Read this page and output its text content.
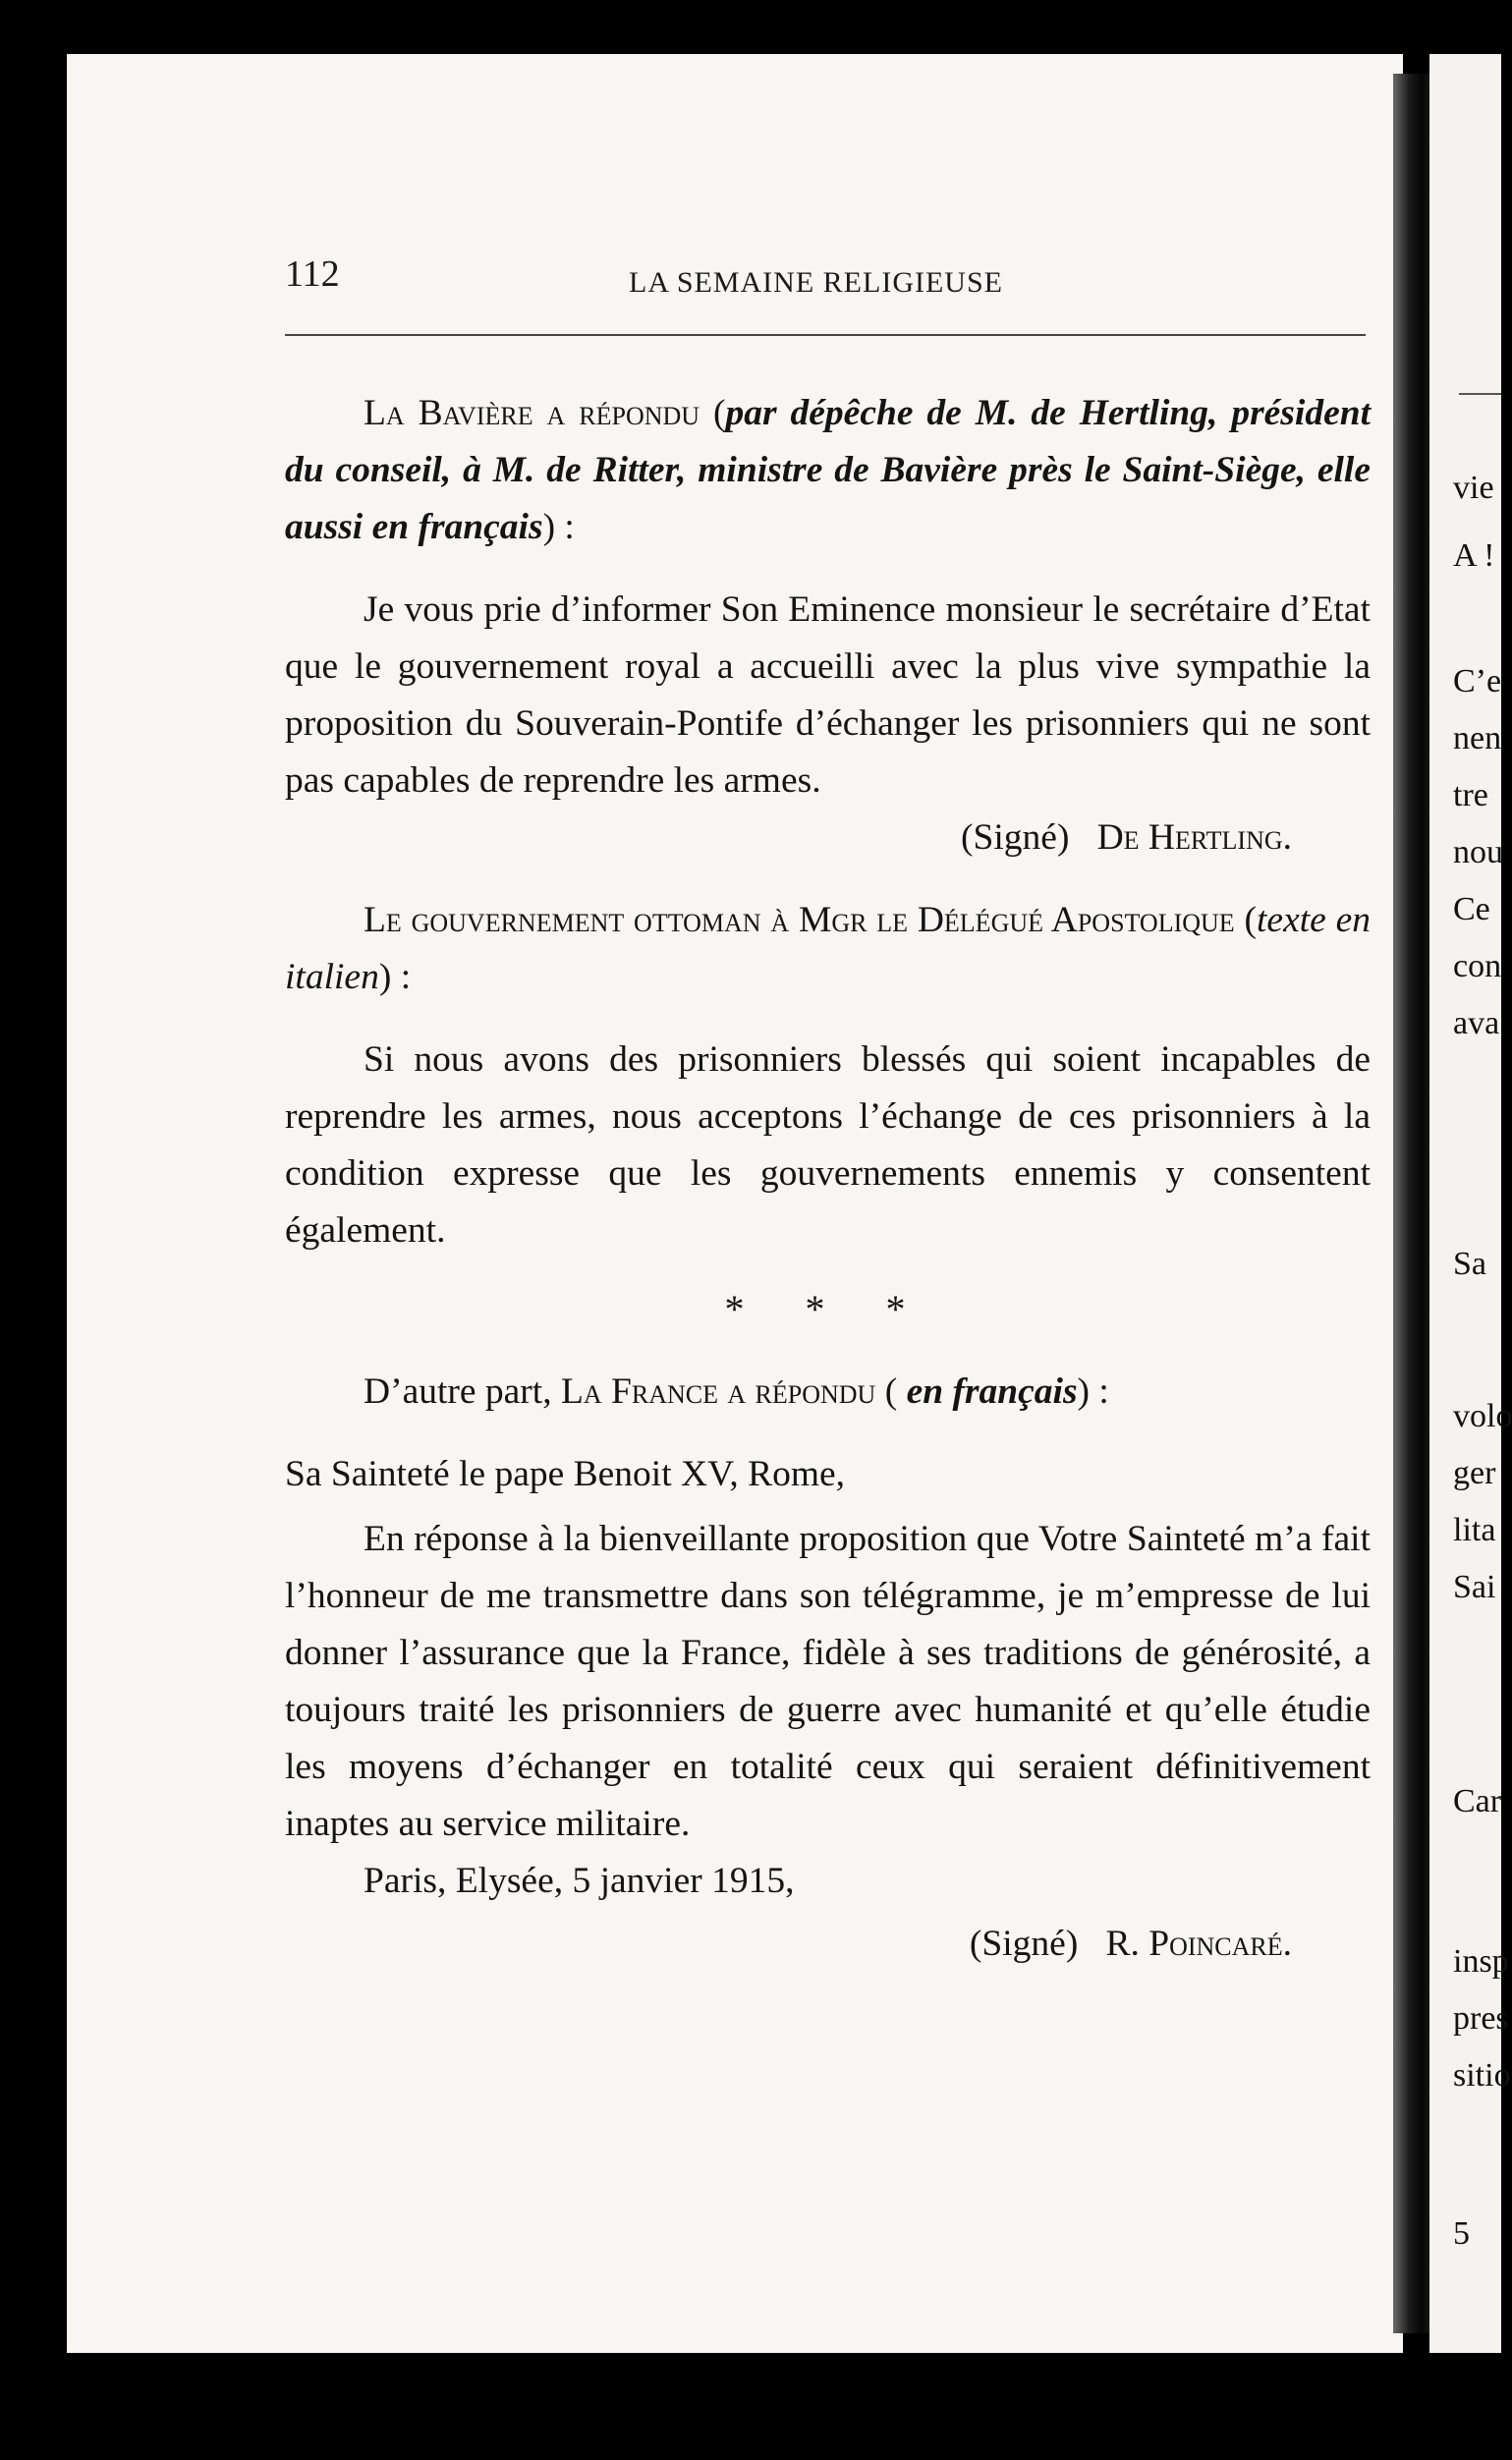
vie
A !
C’e
nen
tre
nou
Ce
con
ava
Sa
volo
ger
lita
Sai
Car
insp
pres
sitio
5
112	LA SEMAINE RELIGIEUSE

La Bavière a répondu (par dépêche de M. de Hertling, président du conseil, à M. de Ritter, ministre de Bavière près le Saint-Siège, elle aussi en français) :

Je vous prie d’informer Son Eminence monsieur le secrétaire d’Etat que le gouvernement royal a accueilli avec la plus vive sympathie la proposition du Souverain-Pontife d’échanger les prisonniers qui ne sont pas capables de reprendre les armes.

(Signé) De Hertling.

Le gouvernement ottoman à Mgr le Délégué Apostolique (texte en italien) :

Si nous avons des prisonniers blessés qui soient incapables de reprendre les armes, nous acceptons l’échange de ces prisonniers à la condition expresse que les gouvernements ennemis y consentent également.

* * *

D’autre part, La France a répondu ( en français) :

Sa Sainteté le pape Benoit XV, Rome,

En réponse à la bienveillante proposition que Votre Sainteté m’a fait l’honneur de me transmettre dans son télégramme, je m’empresse de lui donner l’assurance que la France, fidèle à ses traditions de générosité, a toujours traité les prisonniers de guerre avec humanité et qu’elle étudie les moyens d’échanger en totalité ceux qui seraient définitivement inaptes au service militaire.

Paris, Elysée, 5 janvier 1915,

(Signé) R. Poincaré.
